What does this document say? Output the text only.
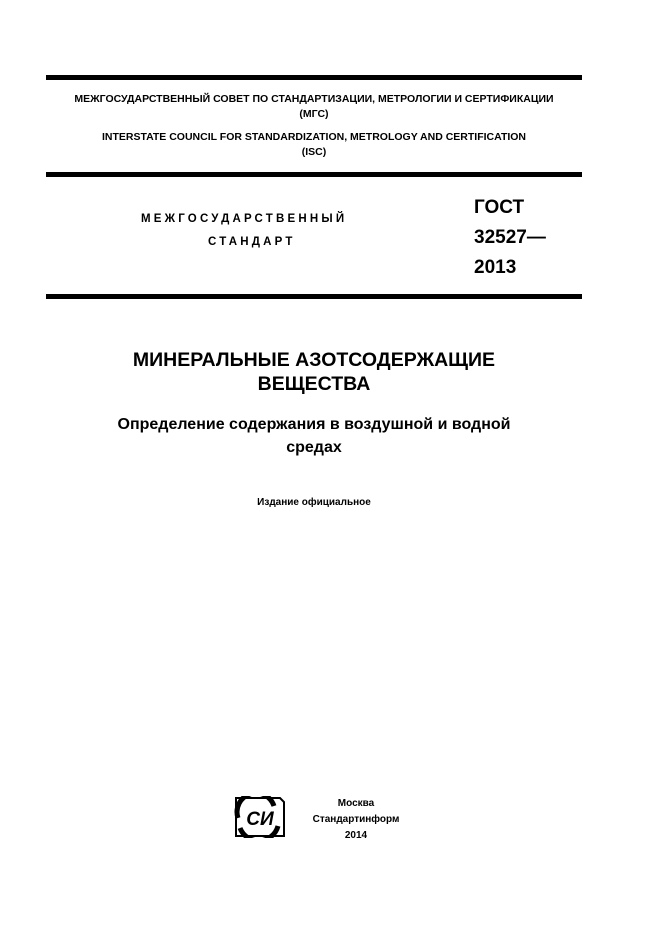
МЕЖГОСУДАРСТВЕННЫЙ СОВЕТ ПО СТАНДАРТИЗАЦИИ, МЕТРОЛОГИИ И СЕРТИФИКАЦИИ
(МГС)
INTERSTATE COUNCIL FOR STANDARDIZATION, METROLOGY AND CERTIFICATION
(ISC)
МЕЖГОСУДАРСТВЕННЫЙ
СТАНДАРТ
ГОСТ
32527—
2013
МИНЕРАЛЬНЫЕ АЗОТСОДЕРЖАЩИЕ
ВЕЩЕСТВА
Определение содержания в воздушной и водной
средах
Издание официальное
СИ
Москва
Стандартинформ
2014
